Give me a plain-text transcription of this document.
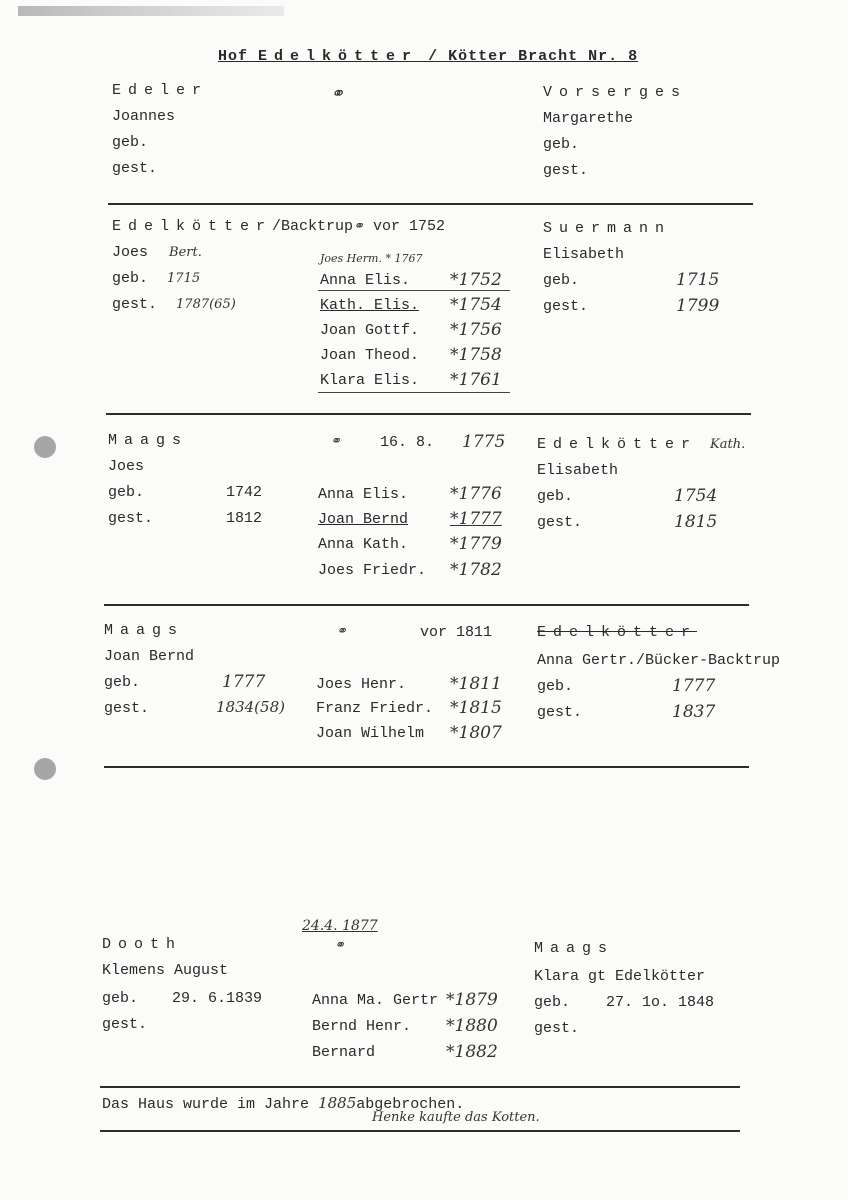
Hof Edelkötter / Kötter Bracht Nr. 8
Edeler
Joannes
geb.
gest.
⚭	Vorserges
Margarethe
geb.
gest.
Edelkötter/Backtrup⚭ vor 1752
Joes Bert.
geb. 1715
gest. 1787(65)
Joes Herm. * 1767
Anna Elis. *1752
Kath. Elis. *1754
Joan Gottf. *1756
Joan Theod. *1758
Klara Elis. *1761
Suermann
Elisabeth
geb.	1715
gest.	1799
Maags
Joes
geb.	1742
gest.	1812
⚭	16. 8. 1775
Anna Elis. *1776
Joan Bernd *1777
Anna Kath. *1779
Joes Friedr. *1782
Edelkötter Kath.
Elisabeth
geb.	1754
gest.	1815
Maags
Joan Bernd
geb.	1777
gest.	1834(58)
⚭	vor 1811
Joes Henr.	*1811
Franz Friedr. *1815
Joan Wilhelm *1807
Edelkötter
Anna Gertr./Bücker-Backtrup
geb.	1777
gest.	1837
Dooth
Klemens August
geb. 29. 6.1839
gest.
24.4. 1877
⚭
Anna Ma. Gertr *1879
Bernd Henr. *1880
Bernard	*1882
Maags
Klara gt Edelkötter
geb. 27. 1o. 1848
gest.
Das Haus wurde im Jahre 1885abgebrochen.
Henke kaufte das Kotten.
